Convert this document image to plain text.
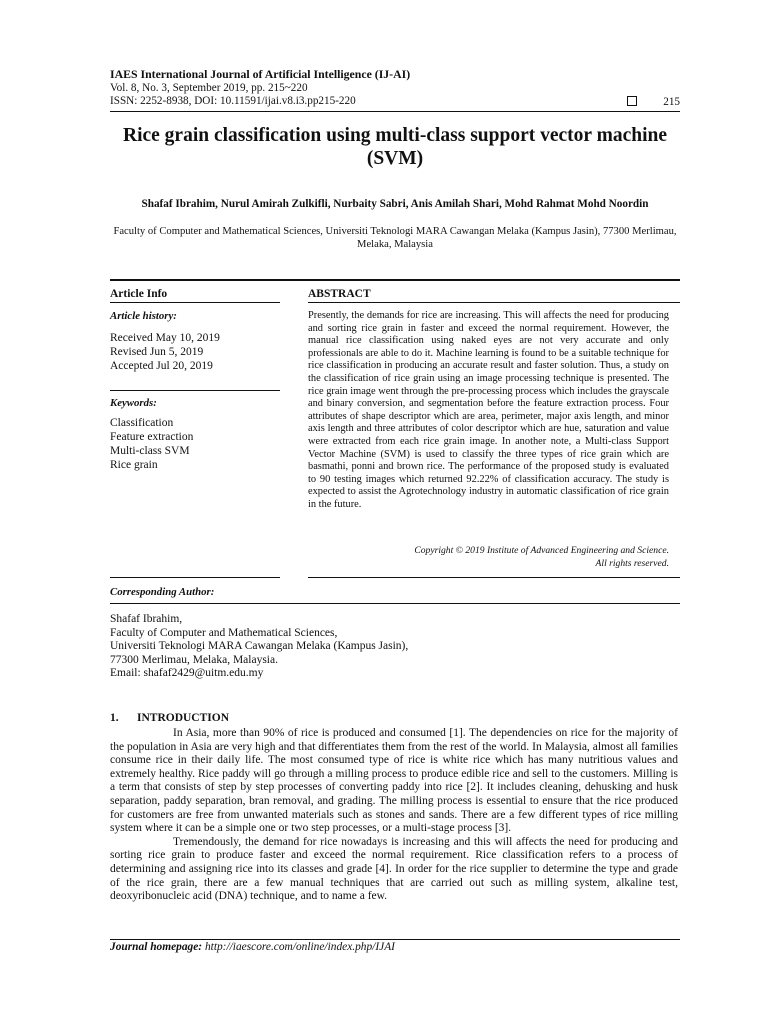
IAES International Journal of Artificial Intelligence (IJ-AI)
Vol. 8, No. 3, September 2019, pp. 215~220
ISSN: 2252-8938, DOI: 10.11591/ijai.v8.i3.pp215-220	215
Rice grain classification using multi-class support vector machine (SVM)
Shafaf Ibrahim, Nurul Amirah Zulkifli, Nurbaity Sabri, Anis Amilah Shari, Mohd Rahmat Mohd Noordin
Faculty of Computer and Mathematical Sciences, Universiti Teknologi MARA Cawangan Melaka (Kampus Jasin), 77300 Merlimau, Melaka, Malaysia
Article Info
Article history:
Received May 10, 2019
Revised Jun 5, 2019
Accepted Jul 20, 2019
Keywords:
Classification
Feature extraction
Multi-class SVM
Rice grain
ABSTRACT
Presently, the demands for rice are increasing. This will affects the need for producing and sorting rice grain in faster and exceed the normal requirement. However, the manual rice classification using naked eyes are not very accurate and only professionals are able to do it. Machine learning is found to be a suitable technique for rice classification in producing an accurate result and faster solution. Thus, a study on the classification of rice grain using an image processing technique is presented. The rice grain image went through the pre-processing process which includes the grayscale and binary conversion, and segmentation before the feature extraction process. Four attributes of shape descriptor which are area, perimeter, major axis length, and minor axis length and three attributes of color descriptor which are hue, saturation and value were extracted from each rice grain image. In another note, a Multi-class Support Vector Machine (SVM) is used to classify the three types of rice grain which are basmathi, ponni and brown rice. The performance of the proposed study is evaluated to 90 testing images which returned 92.22% of classification accuracy. The study is expected to assist the Agrotechnology industry in automatic classification of rice grain in the future.
Copyright © 2019 Institute of Advanced Engineering and Science.
All rights reserved.
Corresponding Author:
Shafaf Ibrahim,
Faculty of Computer and Mathematical Sciences,
Universiti Teknologi MARA Cawangan Melaka (Kampus Jasin),
77300 Merlimau, Melaka, Malaysia.
Email: shafaf2429@uitm.edu.my
1. INTRODUCTION

In Asia, more than 90% of rice is produced and consumed [1]. The dependencies on rice for the majority of the population in Asia are very high and that differentiates them from the rest of the world. In Malaysia, almost all families consume rice in their daily life. The most consumed type of rice is white rice which has many nutritious values and extremely healthy. Rice paddy will go through a milling process to produce edible rice and sell to the customers. Milling is a term that consists of step by step processes of converting paddy into rice [2]. It includes cleaning, dehusking and husk separation, paddy separation, bran removal, and grading. The milling process is essential to ensure that the rice produced for customers are free from unwanted materials such as stones and sands. There are a few different types of rice milling system where it can be a simple one or two step processes, or a multi-stage process [3].

Tremendously, the demand for rice nowadays is increasing and this will affects the need for producing and sorting rice grain to produce faster and exceed the normal requirement. Rice classification refers to a process of determining and assigning rice into its classes and grade [4]. In order for the rice supplier to determine the type and grade of the rice grain, there are a few manual techniques that are carried out such as milling system, alkaline test, deoxyribonucleic acid (DNA) technique, and to name a few.

Journal homepage: http://iaescore.com/online/index.php/IJAI
